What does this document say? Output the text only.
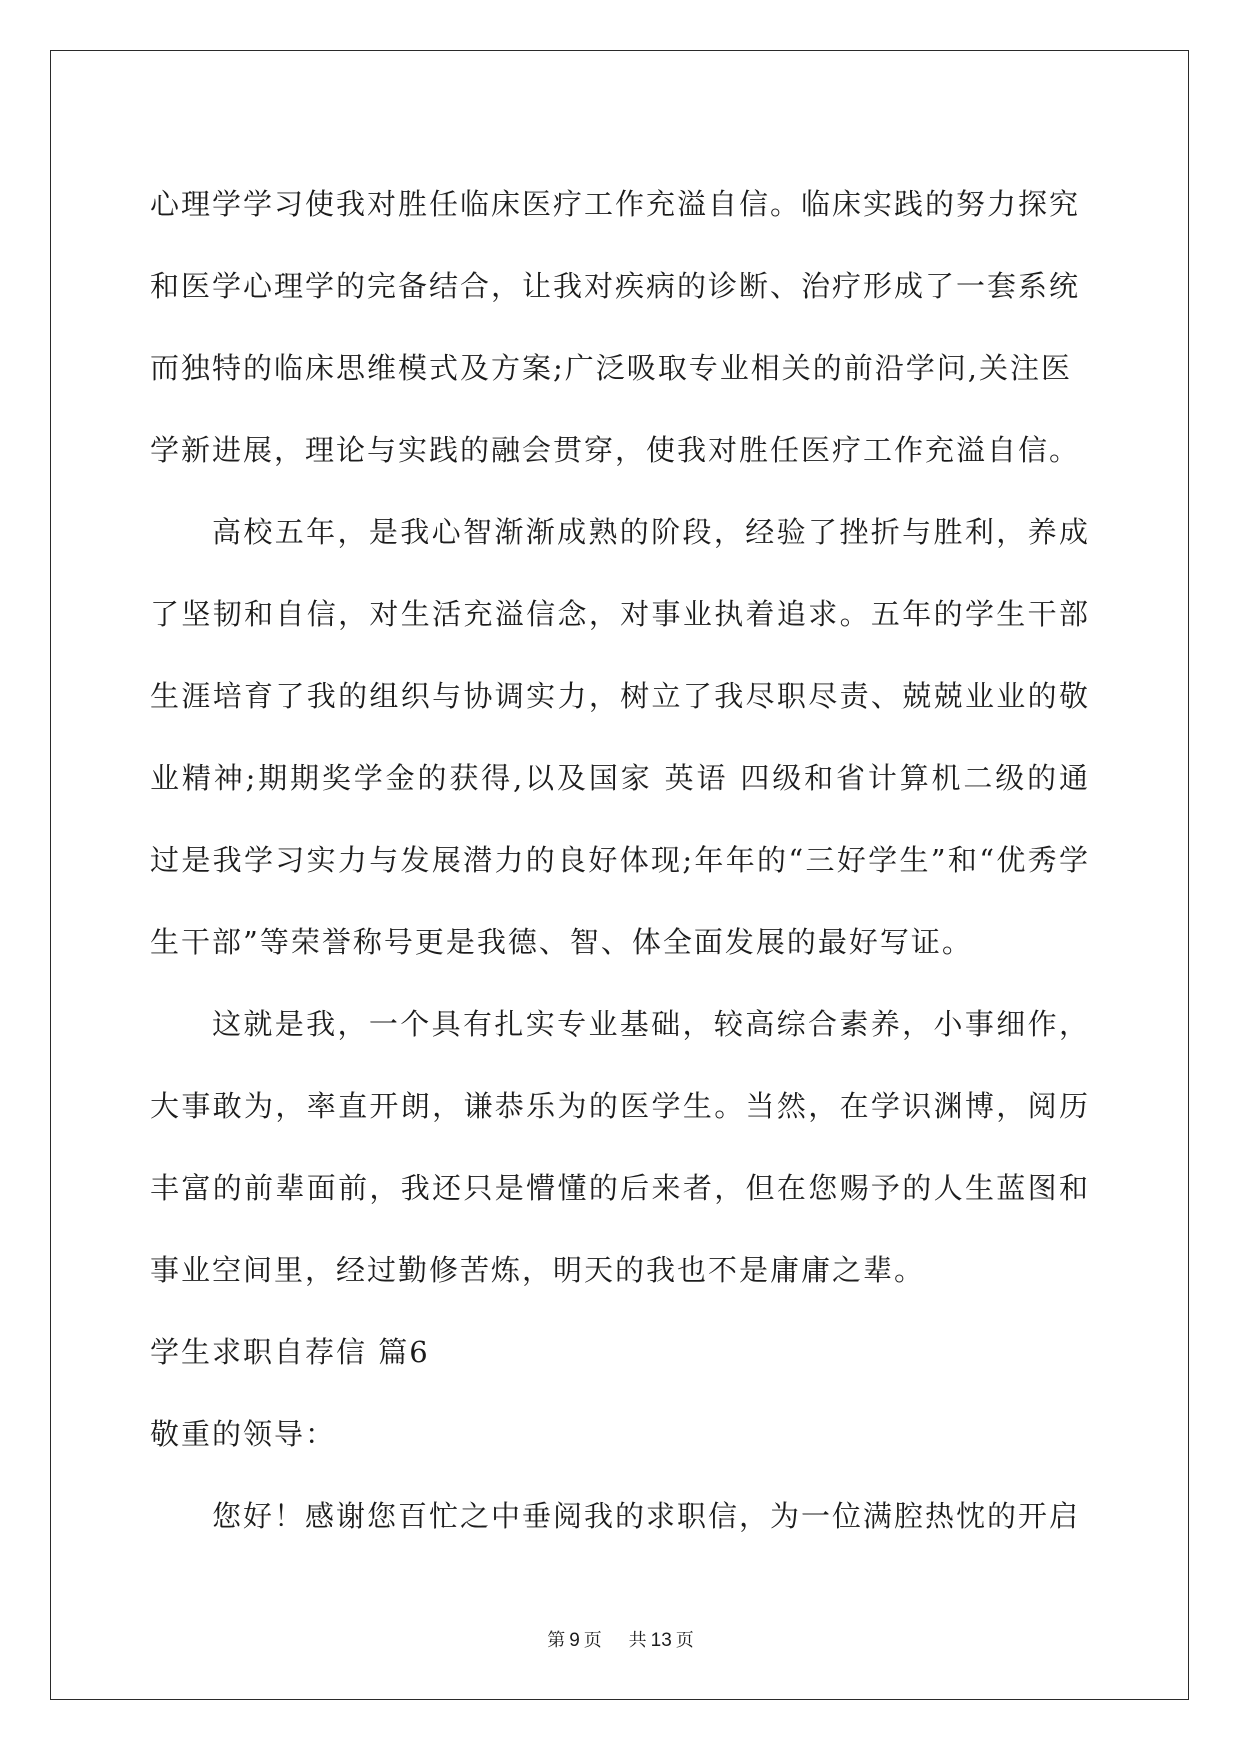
心理学学习使我对胜任临床医疗工作充溢自信。临床实践的努力探究和医学心理学的完备结合，让我对疾病的诊断、治疗形成了一套系统而独特的临床思维模式及方案;广泛吸取专业相关的前沿学问,关注医学新进展，理论与实践的融会贯穿，使我对胜任医疗工作充溢自信。

高校五年，是我心智渐渐成熟的阶段，经验了挫折与胜利，养成了坚韧和自信，对生活充溢信念，对事业执着追求。五年的学生干部生涯培育了我的组织与协调实力，树立了我尽职尽责、兢兢业业的敬业精神;期期奖学金的获得,以及国家 英语 四级和省计算机二级的通过是我学习实力与发展潜力的良好体现;年年的“三好学生”和“优秀学生干部”等荣誉称号更是我德、智、体全面发展的最好写证。

这就是我，一个具有扎实专业基础，较高综合素养，小事细作，大事敢为，率直开朗，谦恭乐为的医学生。当然，在学识渊博，阅历丰富的前辈面前，我还只是懵懂的后来者，但在您赐予的人生蓝图和事业空间里，经过勤修苦炼，明天的我也不是庸庸之辈。

学生求职自荐信 篇6

敬重的领导：

您好！感谢您百忙之中垂阅我的求职信，为一位满腔热忱的开启

第 9 页 共 13 页
